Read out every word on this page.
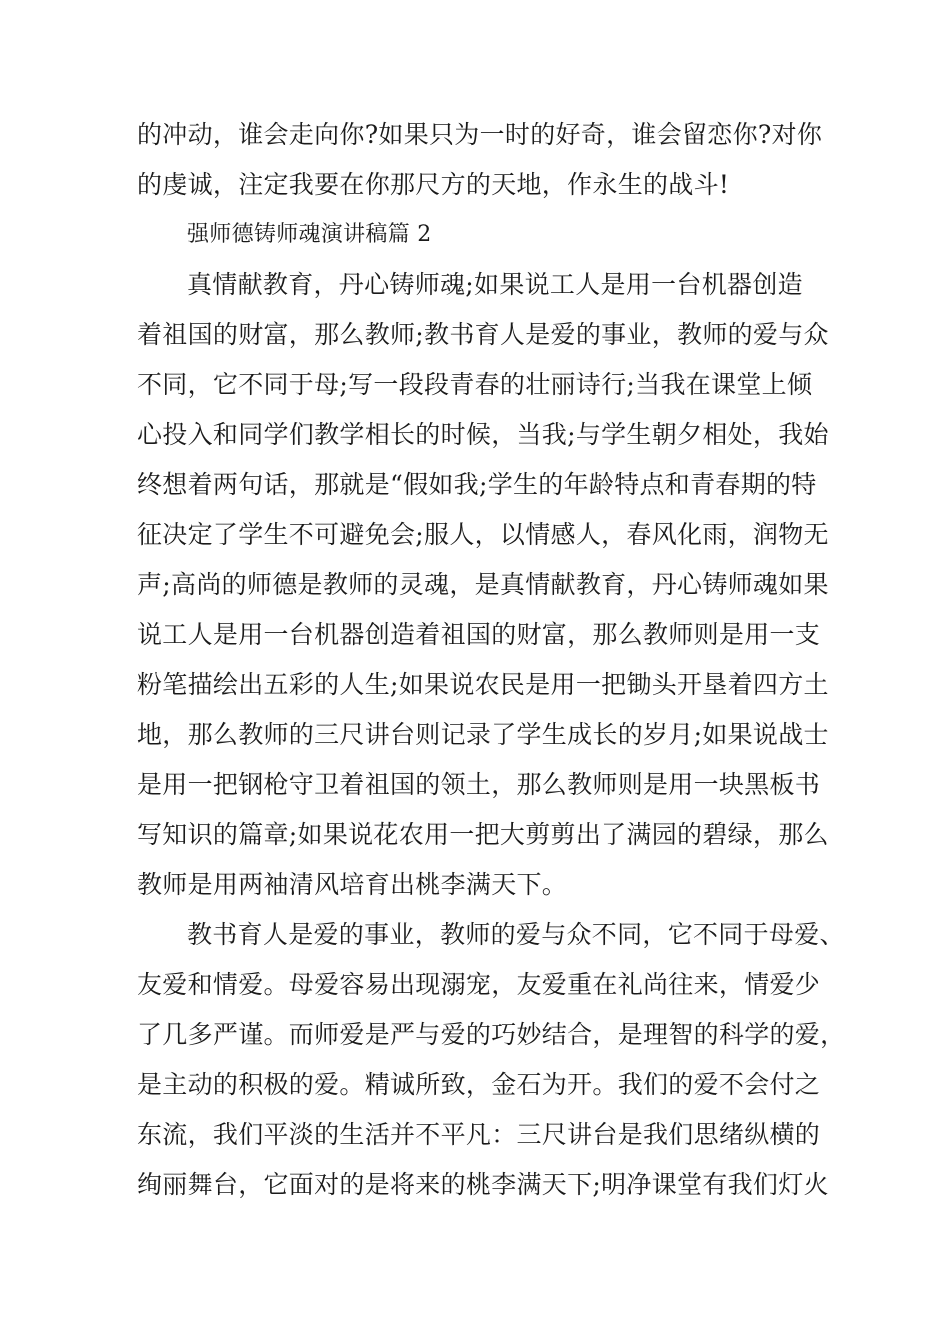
的冲动，谁会走向你?如果只为一时的好奇，谁会留恋你?对你
的虔诚，注定我要在你那尺方的天地，作永生的战斗!
强师德铸师魂演讲稿篇 2
真情献教育，丹心铸师魂;如果说工人是用一台机器创造
着祖国的财富，那么教师;教书育人是爱的事业，教师的爱与众
不同，它不同于母;写一段段青春的壮丽诗行;当我在课堂上倾
心投入和同学们教学相长的时候，当我;与学生朝夕相处，我始
终想着两句话，那就是“假如我;学生的年龄特点和青春期的特
征决定了学生不可避免会;服人，以情感人，春风化雨，润物无
声;高尚的师德是教师的灵魂，是真情献教育，丹心铸师魂如果
说工人是用一台机器创造着祖国的财富，那么教师则是用一支
粉笔描绘出五彩的人生;如果说农民是用一把锄头开垦着四方土
地，那么教师的三尺讲台则记录了学生成长的岁月;如果说战士
是用一把钢枪守卫着祖国的领土，那么教师则是用一块黑板书
写知识的篇章;如果说花农用一把大剪剪出了满园的碧绿，那么
教师是用两袖清风培育出桃李满天下。
教书育人是爱的事业，教师的爱与众不同，它不同于母爱、
友爱和情爱。母爱容易出现溺宠，友爱重在礼尚往来，情爱少
了几多严谨。而师爱是严与爱的巧妙结合，是理智的科学的爱，
是主动的积极的爱。精诚所致，金石为开。我们的爱不会付之
东流，我们平淡的生活并不平凡：三尺讲台是我们思绪纵横的
绚丽舞台，它面对的是将来的桃李满天下;明净课堂有我们灯火
